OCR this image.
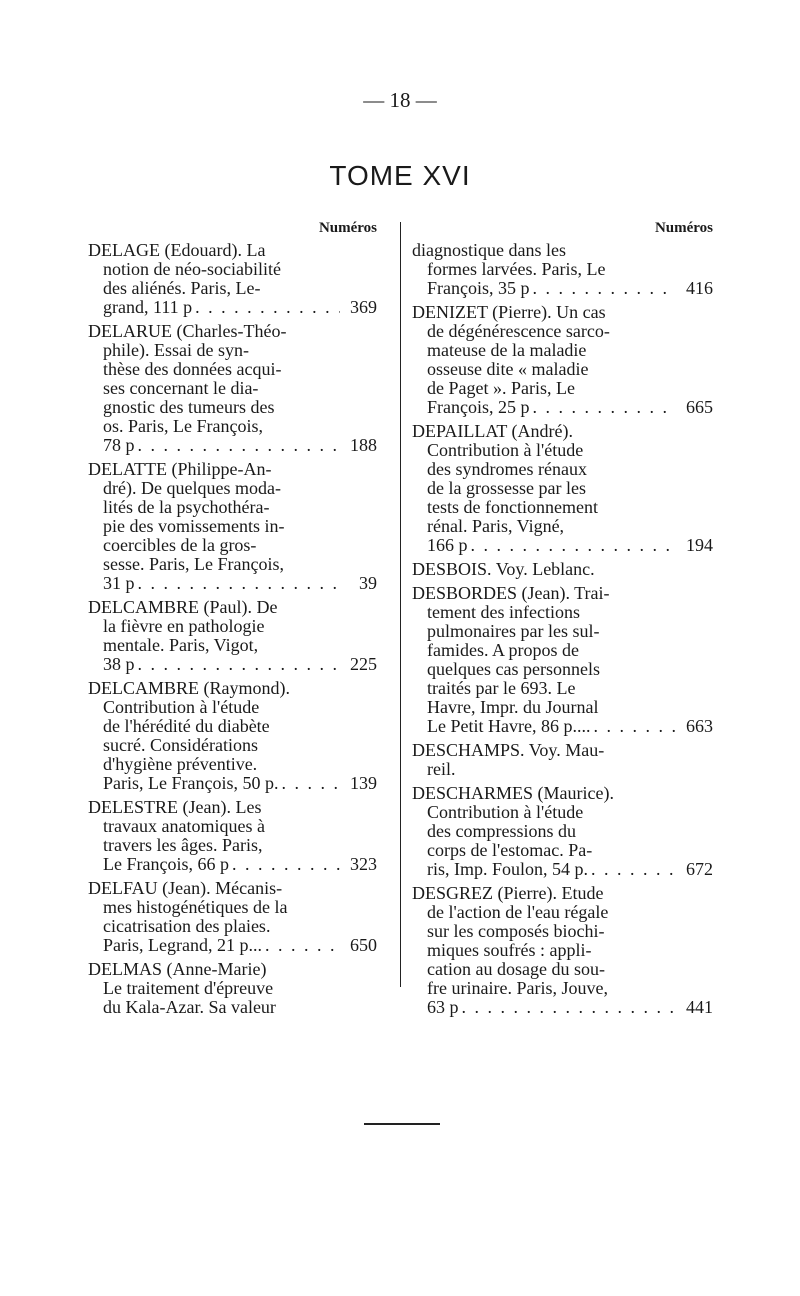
— 18 —
TOME XVI
Numéros
DELAGE (Edouard). La
notion de néo-sociabilité
des aliénés. Paris, Le-
grand, 111 p . . .	369
DELARUE (Charles-Théo-
phile). Essai de syn-
thèse des données acqui-
ses concernant le dia-
gnostic des tumeurs des
os. Paris, Le François,
78 p . . .	188
DELATTE (Philippe-An-
dré). De quelques moda-
lités de la psychothéra-
pie des vomissements in-
coercibles de la gros-
sesse. Paris, Le François,
31 p . . .	39
DELCAMBRE (Paul). De
la fièvre en pathologie
mentale. Paris, Vigot,
38 p . . .	225
DELCAMBRE (Raymond).
Contribution à l'étude
de l'hérédité du diabète
sucré. Considérations
d'hygiène préventive.
Paris, Le François, 50 p. . . .	139
DELESTRE (Jean). Les
travaux anatomiques à
travers les âges. Paris,
Le François, 66 p . . .	323
DELFAU (Jean). Mécanis-
mes histogénétiques de la
cicatrisation des plaies.
Paris, Legrand, 21 p... . . .	650
DELMAS (Anne-Marie)
Le traitement d'épreuve
du Kala-Azar. Sa valeur
Numéros
diagnostique dans les
formes larvées. Paris, Le
François, 35 p . . .	416
DENIZET (Pierre). Un cas
de dégénérescence sarco-
mateuse de la maladie
osseuse dite « maladie
de Paget ». Paris, Le
François, 25 p . . .	665
DEPAILLAT (André).
Contribution à l'étude
des syndromes rénaux
de la grossesse par les
tests de fonctionnement
rénal. Paris, Vigné,
166 p . . .	194
DESBOIS. Voy. Leblanc.
DESBORDES (Jean). Trai-
tement des infections
pulmonaires par les sul-
famides. A propos de
quelques cas personnels
traités par le 693. Le
Havre, Impr. du Journal
Le Petit Havre, 86 p.... . . .	663
DESCHAMPS. Voy. Mau-
reil.
DESCHARMES (Maurice).
Contribution à l'étude
des compressions du
corps de l'estomac. Pa-
ris, Imp. Foulon, 54 p. . . .	672
DESGREZ (Pierre). Etude
de l'action de l'eau régale
sur les composés biochi-
miques soufrés : appli-
cation au dosage du sou-
fre urinaire. Paris, Jouve,
63 p . . .	441
